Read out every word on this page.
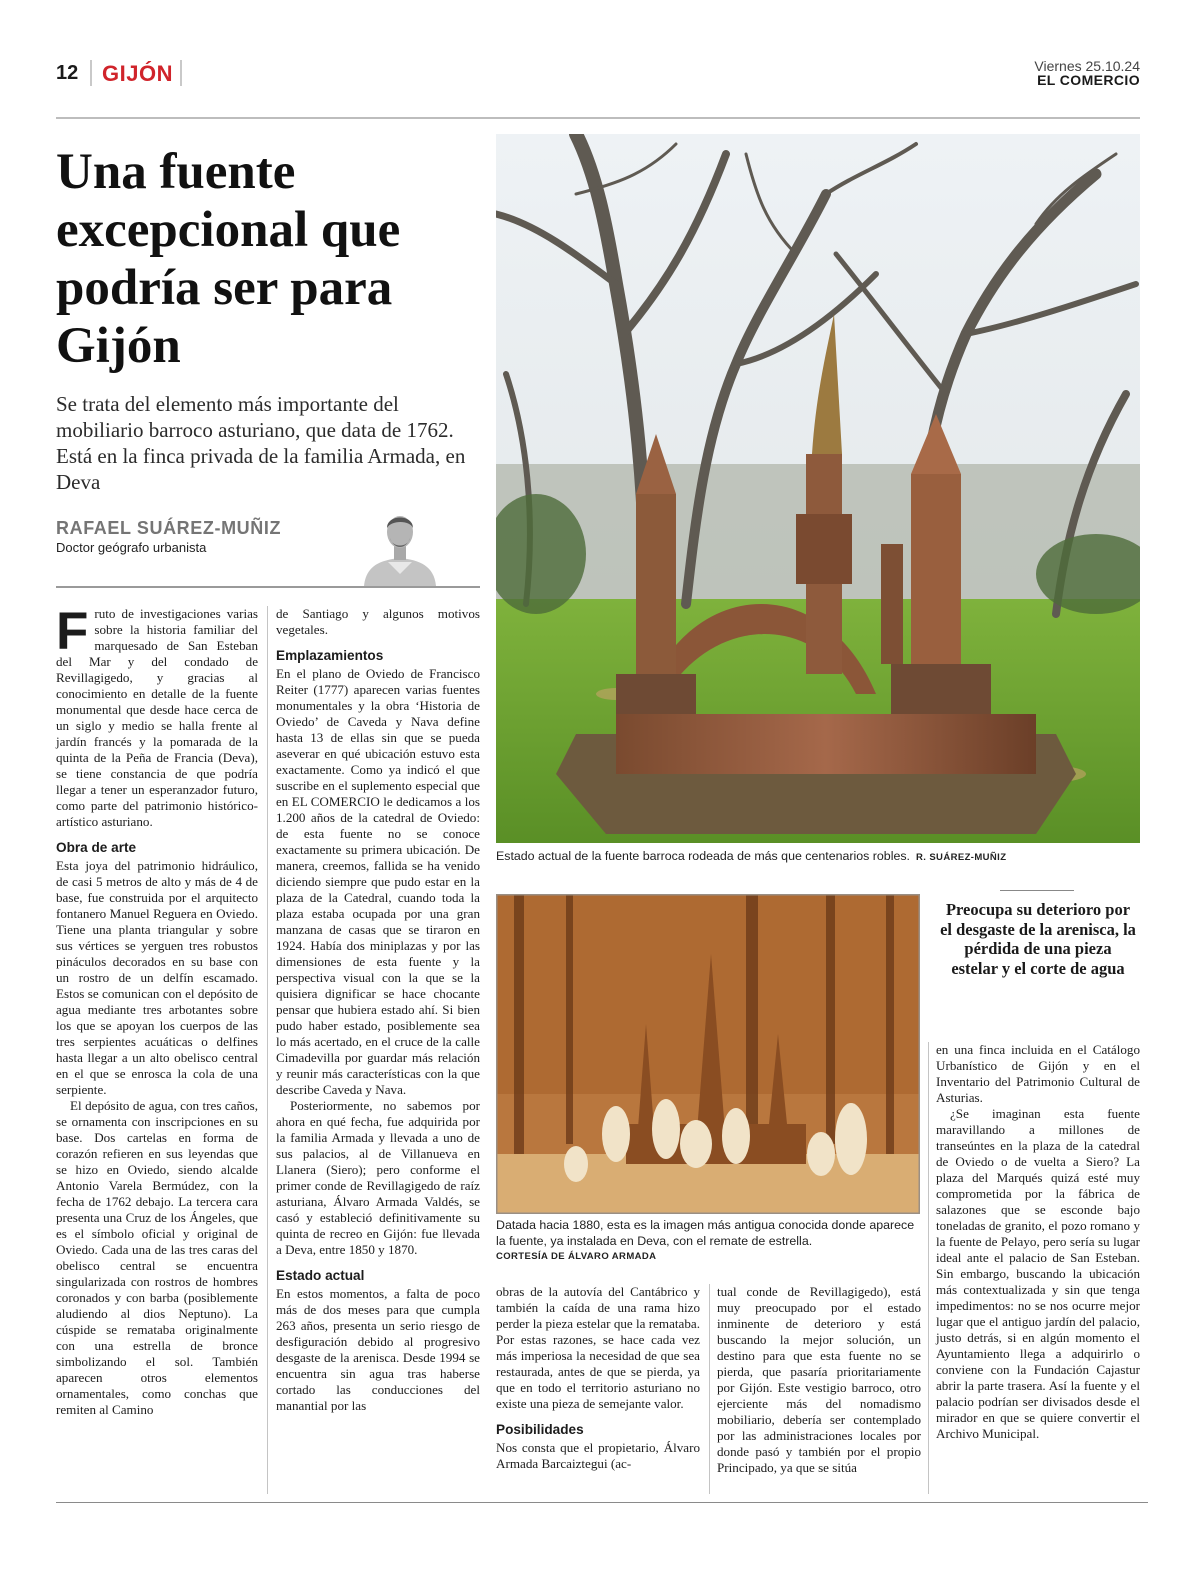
12 GIJÓN	Viernes 25.10.24
EL COMERCIO
Una fuente excepcional que podría ser para Gijón

Se trata del elemento más importante del mobiliario barroco asturiano, que data de 1762. Está en la finca privada de la familia Armada, en Deva

RAFAEL SUÁREZ-MUÑIZ
Doctor geógrafo urbanista
Estado actual de la fuente barroca rodeada de más que centenarios robles. R. SUÁREZ-MUÑIZ
Datada hacia 1880, esta es la imagen más antigua conocida donde aparece la fuente, ya instalada en Deva, con el remate de estrella.
CORTESÍA DE ÁLVARO ARMADA

Preocupa su deterioro por el desgaste de la arenisca, la pérdida de una pieza estelar y el corte de agua

Fruto de investigaciones varias sobre la historia familiar del marquesado de San Esteban del Mar y del condado de Revillagigedo, y gracias al conocimiento en detalle de la fuente monumental que desde hace cerca de un siglo y medio se halla frente al jardín francés y la pomarada de la quinta de la Peña de Francia (Deva), se tiene constancia de que podría llegar a tener un esperanzador futuro, como parte del patrimonio histórico-artístico asturiano.

Obra de arte

Esta joya del patrimonio hidráulico, de casi 5 metros de alto y más de 4 de base, fue construida por el arquitecto fontanero Manuel Reguera en Oviedo. Tiene una planta triangular y sobre sus vértices se yerguen tres robustos pináculos decorados en su base con un rostro de un delfín escamado. Estos se comunican con el depósito de agua mediante tres arbotantes sobre los que se apoyan los cuerpos de las tres serpientes acuáticas o delfines hasta llegar a un alto obelisco central en el que se enrosca la cola de una serpiente.

El depósito de agua, con tres caños, se ornamenta con inscripciones en su base. Dos cartelas en forma de corazón refieren en sus leyendas que se hizo en Oviedo, siendo alcalde Antonio Varela Bermúdez, con la fecha de 1762 debajo. La tercera cara presenta una Cruz de los Ángeles, que es el símbolo oficial y original de Oviedo. Cada una de las tres caras del obelisco central se encuentra singularizada con rostros de hombres coronados y con barba (posiblemente aludiendo al dios Neptuno). La cúspide se remataba originalmente con una estrella de bronce simbolizando el sol. También aparecen otros elementos ornamentales, como conchas que remiten al Camino

de Santiago y algunos motivos vegetales.

Emplazamientos

En el plano de Oviedo de Francisco Reiter (1777) aparecen varias fuentes monumentales y la obra ‘Historia de Oviedo’ de Caveda y Nava define hasta 13 de ellas sin que se pueda aseverar en qué ubicación estuvo esta exactamente. Como ya indicó el que suscribe en el suplemento especial que en EL COMERCIO le dedicamos a los 1.200 años de la catedral de Oviedo: de esta fuente no se conoce exactamente su primera ubicación. De manera, creemos, fallida se ha venido diciendo siempre que pudo estar en la plaza de la Catedral, cuando toda la plaza estaba ocupada por una gran manzana de casas que se tiraron en 1924. Había dos miniplazas y por las dimensiones de esta fuente y la perspectiva visual con la que se la quisiera dignificar se hace chocante pensar que hubiera estado ahí. Si bien pudo haber estado, posiblemente sea lo más acertado, en el cruce de la calle Cimadevilla por guardar más relación y reunir más características con la que describe Caveda y Nava.

Posteriormente, no sabemos por ahora en qué fecha, fue adquirida por la familia Armada y llevada a uno de sus palacios, al de Villanueva en Llanera (Siero); pero conforme el primer conde de Revillagigedo de raíz asturiana, Álvaro Armada Valdés, se casó y estableció definitivamente su quinta de recreo en Gijón: fue llevada a Deva, entre 1850 y 1870.

Estado actual

En estos momentos, a falta de poco más de dos meses para que cumpla 263 años, presenta un serio riesgo de desfiguración debido al progresivo desgaste de la arenisca. Desde 1994 se encuentra sin agua tras haberse cortado las conducciones del manantial por las

obras de la autovía del Cantábrico y también la caída de una rama hizo perder la pieza estelar que la remataba. Por estas razones, se hace cada vez más imperiosa la necesidad de que sea restaurada, antes de que se pierda, ya que en todo el territorio asturiano no existe una pieza de semejante valor.

Posibilidades

Nos consta que el propietario, Álvaro Armada Barcaiztegui (ac-

tual conde de Revillagigedo), está muy preocupado por el estado inminente de deterioro y está buscando la mejor solución, un destino para que esta fuente no se pierda, que pasaría prioritariamente por Gijón. Este vestigio barroco, otro ejerciente más del nomadismo mobiliario, debería ser contemplado por las administraciones locales por donde pasó y también por el propio Principado, ya que se sitúa

en una finca incluida en el Catálogo Urbanístico de Gijón y en el Inventario del Patrimonio Cultural de Asturias.

¿Se imaginan esta fuente maravillando a millones de transeúntes en la plaza de la catedral de Oviedo o de vuelta a Siero? La plaza del Marqués quizá esté muy comprometida por la fábrica de salazones que se esconde bajo toneladas de granito, el pozo romano y la fuente de Pelayo, pero sería su lugar ideal ante el palacio de San Esteban. Sin embargo, buscando la ubicación más contextualizada y sin que tenga impedimentos: no se nos ocurre mejor lugar que el antiguo jardín del palacio, justo detrás, si en algún momento el Ayuntamiento llega a adquirirlo o conviene con la Fundación Cajastur abrir la parte trasera. Así la fuente y el palacio podrían ser divisados desde el mirador en que se quiere convertir el Archivo Municipal.
